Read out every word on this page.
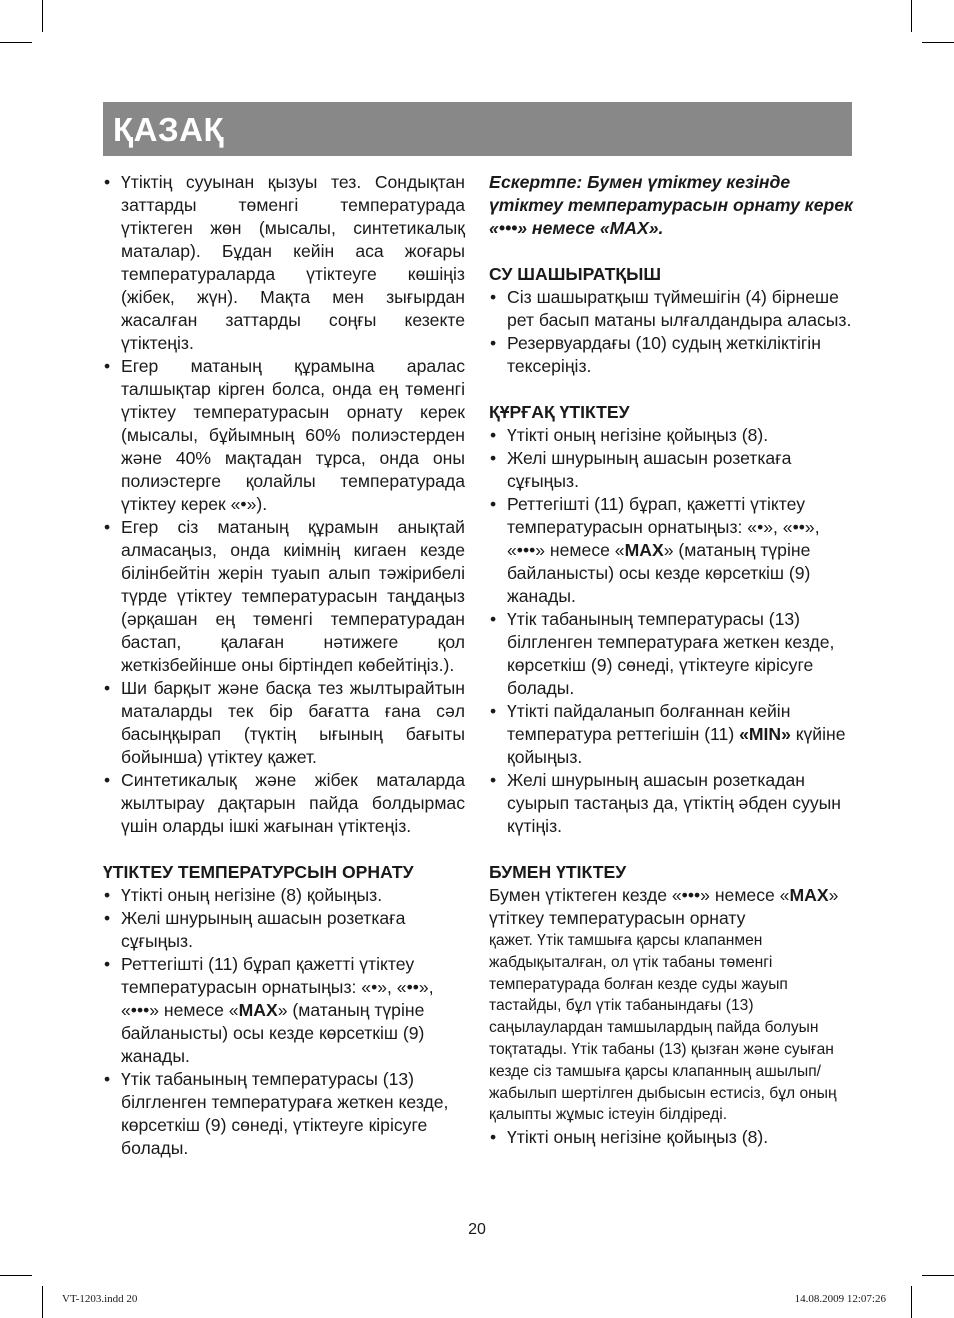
ҚАЗАҚ
• Үтіктің сууынан қызуы тез. Сондықтан заттарды төменгі температурада үтіктеген жөн (мысалы, синтетикалық маталар). Бұдан кейін аса жоғары температураларда үтіктеуге көшіңіз (жібек, жүн). Мақта мен зығырдан жасалған заттарды соңғы кезекте үтіктеңіз.
• Егер матаның құрамына аралас талшықтар кірген болса, онда ең төменгі үтіктеу температурасын орнату керек (мысалы, бұйымның 60% полиэстерден және 40% мақтадан тұрса, онда оны полиэстерге қолайлы температурада үтіктеу керек «•»).
• Егер сіз матаның құрамын анықтай алмасаңыз, онда киімнің кигаен кезде білінбейтін жерін туаып алып тәжірибелі түрде үтіктеу температурасын таңдаңыз (әрқашан ең төменгі температурадан бастап, қалаған нәтижеге қол жеткізбейінше оны біртіндеп көбейтіңіз.).
• Ши барқыт және басқа тез жылтырайтын маталарды тек бір бағатта ғана сәл басыңқырап (түктің ығының бағыты бойынша) үтіктеу қажет.
• Синтетикалық және жібек маталарда жылтырау дақтарын пайда болдырмас үшін оларды ішкі жағынан үтіктеңіз.

ҮТІКТЕУ ТЕМПЕРАТУРСЫН ОРНАТУ

• Үтікті оның негізіне (8) қойыңыз.
• Желі шнурының ашасын розеткаға сұғыңыз.
• Реттегішті (11) бұрап қажетті үтіктеу температурасын орнатыңыз: «•», «••», «•••» немесе «MAX» (матаның түріне байланысты) осы кезде көрсеткіш (9) жанады.
• Үтік табанының температурасы (13) білгленген температураға жеткен кезде, көрсеткіш (9) сөнеді, үтіктеуге кірісуге болады.

Ескертпе: Бумен үтіктеу кезінде үтіктеу температурасын орнату керек «•••» немесе «MAX».

СУ ШАШЫРАТҚЫШ

• Сіз шашыратқыш түймешігін (4) бірнеше рет басып матаны ылғалдандыра аласыз.
• Резервуардағы (10) судың жеткіліктігін тексеріңіз.

ҚҰРҒАҚ ҮТІКТЕУ

• Үтікті оның негізіне қойыңыз (8).
• Желі шнурының ашасын розеткаға сұғыңыз.
• Реттегішті (11) бұрап, қажетті үтіктеу температурасын орнатыңыз: «•», «••», «•••» немесе «MAX» (матаның түріне байланысты) осы кезде көрсеткіш (9) жанады.
• Үтік табанының температурасы (13) білгленген температураға жеткен кезде, көрсеткіш (9) сөнеді, үтіктеуге кірісуге болады.
• Үтікті пайдаланып болғаннан кейін температура реттегішін (11) «MIN» күйіне қойыңыз.
• Желі шнурының ашасын розеткадан суырып тастаңыз да, үтіктің әбден сууын күтіңіз.

БУМЕН ҮТІКТЕУ

Бумен үтіктеген кезде «•••» немесе «MAX» үтіткеу температурасын орнату

қажет. Үтік тамшыға қарсы клапанмен жабдықыталған, ол үтік табаны төменгі температурада болған кезде суды жауып тастайды, бұл үтік табанындағы (13) саңылаулардан тамшылардың пайда болуын тоқтатады. Үтік табаны (13) қызған және суыған кезде сіз тамшыға қарсы клапанның ашылып/жабылып шертілген дыбысын естисіз, бұл оның қалыпты жұмыс істеуін білдіреді.

• Үтікті оның негізіне қойыңыз (8).
20
VT-1203.indd 20	14.08.2009 12:07:26
